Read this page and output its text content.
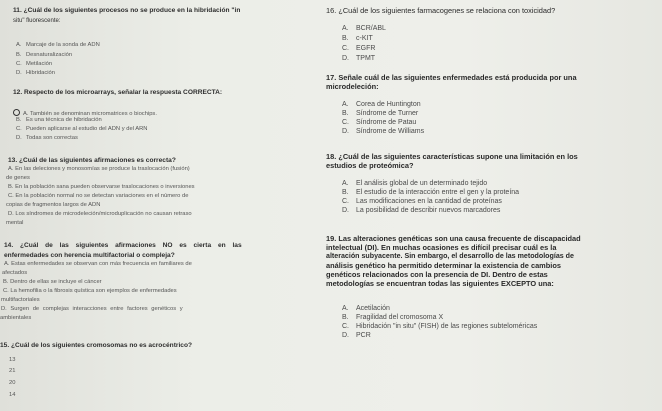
11. ¿Cuál de los siguientes procesos no se produce en la hibridación "in
situ" fluorescente:
A. Marcaje de la sonda de ADN
B. Desnaturalización
C. Metilación
D. Hibridación
12. Respecto de los microarrays, señalar la respuesta CORRECTA:
A. También se denominan micromatrices o biochips.
B. Es una técnica de hibridación
C. Pueden aplicarse al estudio del ADN y del ARN
D. Todas son correctas
13. ¿Cuál de las siguientes afirmaciones es correcta?
A. En las deleciones y monosomías se produce la traslocación (fusión)
de genes
B. En la población sana pueden observarse traslocaciones o inversiones
C. En la población normal no se detectan variaciones en el número de
copias de fragmentos largos de ADN
D. Los síndromes de microdeleción/microduplicación no causan retraso
mental
14. ¿Cuál de las siguientes afirmaciones NO es cierta en las
enfermedades con herencia multifactorial o compleja?
A. Estas enfermedades se observan con más frecuencia en familiares de
afectados
B. Dentro de ellas se incluye el cáncer
C. La hemofilia o la fibrosis quística son ejemplos de enfermedades
multifactoriales
D. Surgen de complejas interacciones entre factores genéticos y
ambientales
15. ¿Cuál de los siguientes cromosomas no es acrocéntrico?
13
21
20
14
16. ¿Cuál de los siguientes farmacogenes se relaciona con toxicidad?
A. BCR/ABL
B. c-KIT
C. EGFR
D. TPMT
17. Señale cuál de las siguientes enfermedades está producida por una
microdeleción:
A. Corea de Huntington
B. Síndrome de Turner
C. Síndrome de Patau
D. Síndrome de Williams
18. ¿Cuál de las siguientes características supone una limitación en los
estudios de proteómica?
A. El análisis global de un determinado tejido
B. El estudio de la interacción entre el gen y la proteína
C. Las modificaciones en la cantidad de proteínas
D. La posibilidad de describir nuevos marcadores
19. Las alteraciones genéticas son una causa frecuente de discapacidad
intelectual (DI). En muchas ocasiones es difícil precisar cuál es la
alteración subyacente. Sin embargo, el desarrollo de las metodologías de
análisis genético ha permitido determinar la existencia de cambios
genéticos relacionados con la presencia de DI. Dentro de estas
metodologías se encuentran todas las siguientes EXCEPTO una:
A. Acetilación
B. Fragilidad del cromosoma X
C. Hibridación "in situ" (FISH) de las regiones subteloméricas
D. PCR
